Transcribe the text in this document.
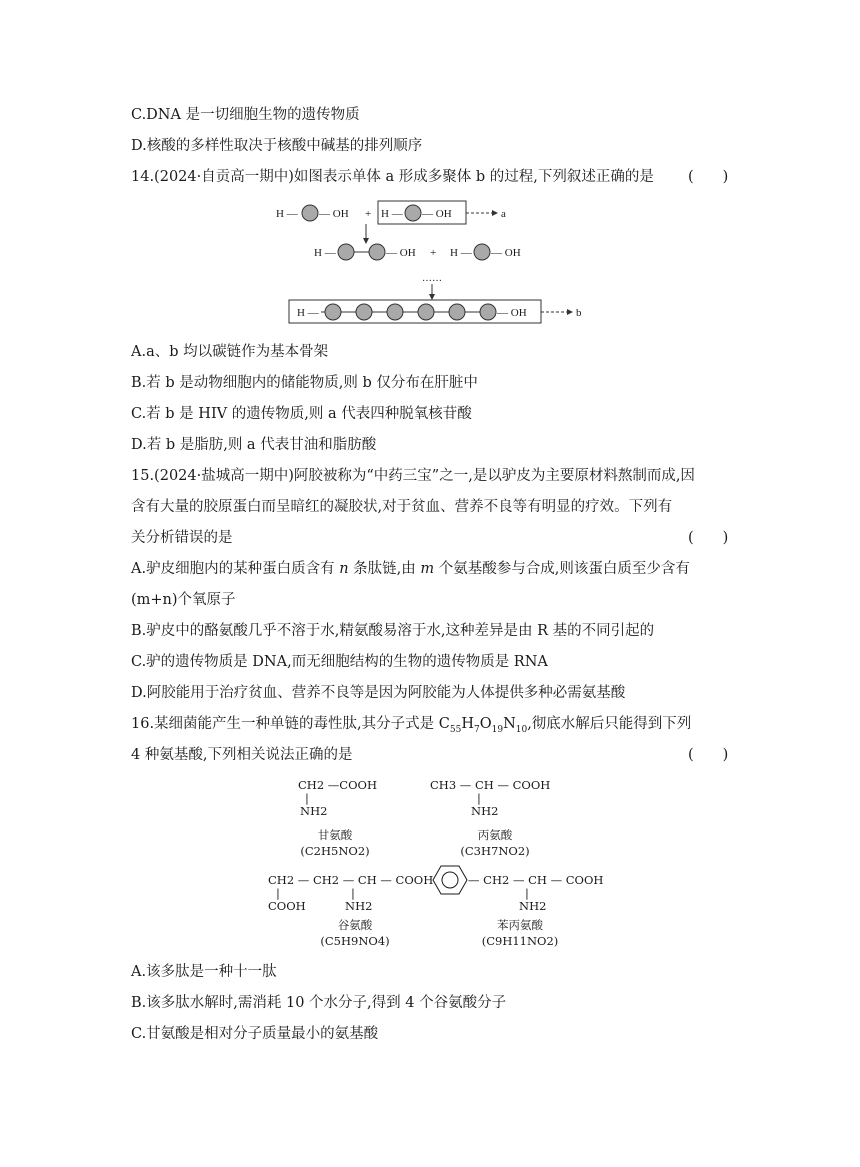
C.DNA 是一切细胞生物的遗传物质
D.核酸的多样性取决于核酸中碱基的排列顺序
14.(2024·自贡高一期中)如图表示单体 a 形成多聚体 b 的过程,下列叙述正确的是 (　　)
H — — OH + H — — OH	a
H —	— OH + H — — OH
……
H —	— OH	b
A.a、b 均以碳链作为基本骨架
B.若 b 是动物细胞内的储能物质,则 b 仅分布在肝脏中
C.若 b 是 HIV 的遗传物质,则 a 代表四种脱氧核苷酸
D.若 b 是脂肪,则 a 代表甘油和脂肪酸
15.(2024·盐城高一期中)阿胶被称为“中药三宝”之一,是以驴皮为主要原材料熬制而成,因
含有大量的胶原蛋白而呈暗红的凝胶状,对于贫血、营养不良等有明显的疗效。下列有
关分析错误的是	(　　)
A.驴皮细胞内的某种蛋白质含有 n 条肽链,由 m 个氨基酸参与合成,则该蛋白质至少含有
(m+n)个氧原子
B.驴皮中的酪氨酸几乎不溶于水,精氨酸易溶于水,这种差异是由 R 基的不同引起的
C.驴的遗传物质是 DNA,而无细胞结构的生物的遗传物质是 RNA
D.阿胶能用于治疗贫血、营养不良等是因为阿胶能为人体提供多种必需氨基酸
16.某细菌能产生一种单链的毒性肽,其分子式是 $C_{55}H_7O_{19}N_{10}$,彻底水解后只能得到下列
4 种氨基酸,下列相关说法正确的是	(　　)
CH2 —COOH
|
NH2
甘氨酸
(C2H5NO2)
CH3 — CH — COOH
|
NH2
丙氨酸
(C3H7NO2)
CH2 — CH2 — CH — COOH
|	|
COOH	NH2
谷氨酸
(C5H9NO4)
— CH2 — CH — COOH
|
NH2
苯丙氨酸
(C9H11NO2)
A.该多肽是一种十一肽
B.该多肽水解时,需消耗 10 个水分子,得到 4 个谷氨酸分子
C.甘氨酸是相对分子质量最小的氨基酸
